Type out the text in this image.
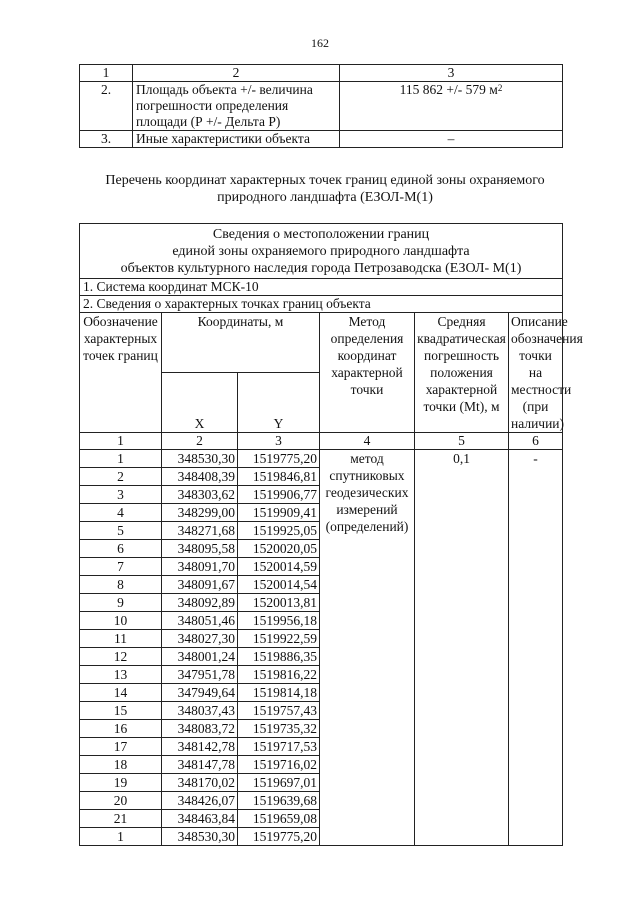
162
1	2	3
2.	Площадь объекта +/- величина погрешности определения площади (Р +/- Дельта Р)	115 862 +/- 579 $м^2$
3.	Иные характеристики объекта	–
Перечень координат характерных точек границ единой зоны охраняемого природного ландшафта (ЕЗОЛ-М(1)
Сведения о местоположении границ
единой зоны охраняемого природного ландшафта
объектов культурного наследия города Петрозаводска (ЕЗОЛ- М(1)					

1. Система координат МСК-10					
2. Сведения о характерных точках границ объекта					
Обозначение характерных точек границ	Координаты, м		Метод определения координат характерной точки	Средняя квадратическая погрешность положения характерной точки (Mt), м	Описание обозначения точки на местности (при наличии)
	X	Y			
1	2	3	4	5	6
1	348530,30	1519775,20	метод спутниковых геодезических измерений (определений)	0,1	-
2	348408,39	1519846,81			
3	348303,62	1519906,77			
4	348299,00	1519909,41			
5	348271,68	1519925,05			
6	348095,58	1520020,05			
7	348091,70	1520014,59			
8	348091,67	1520014,54			
9	348092,89	1520013,81			
10	348051,46	1519956,18			
11	348027,30	1519922,59			
12	348001,24	1519886,35			
13	347951,78	1519816,22			
14	347949,64	1519814,18			
15	348037,43	1519757,43			
16	348083,72	1519735,32			
17	348142,78	1519717,53			
18	348147,78	1519716,02			
19	348170,02	1519697,01			
20	348426,07	1519639,68			
21	348463,84	1519659,08			
1	348530,30	1519775,20			
